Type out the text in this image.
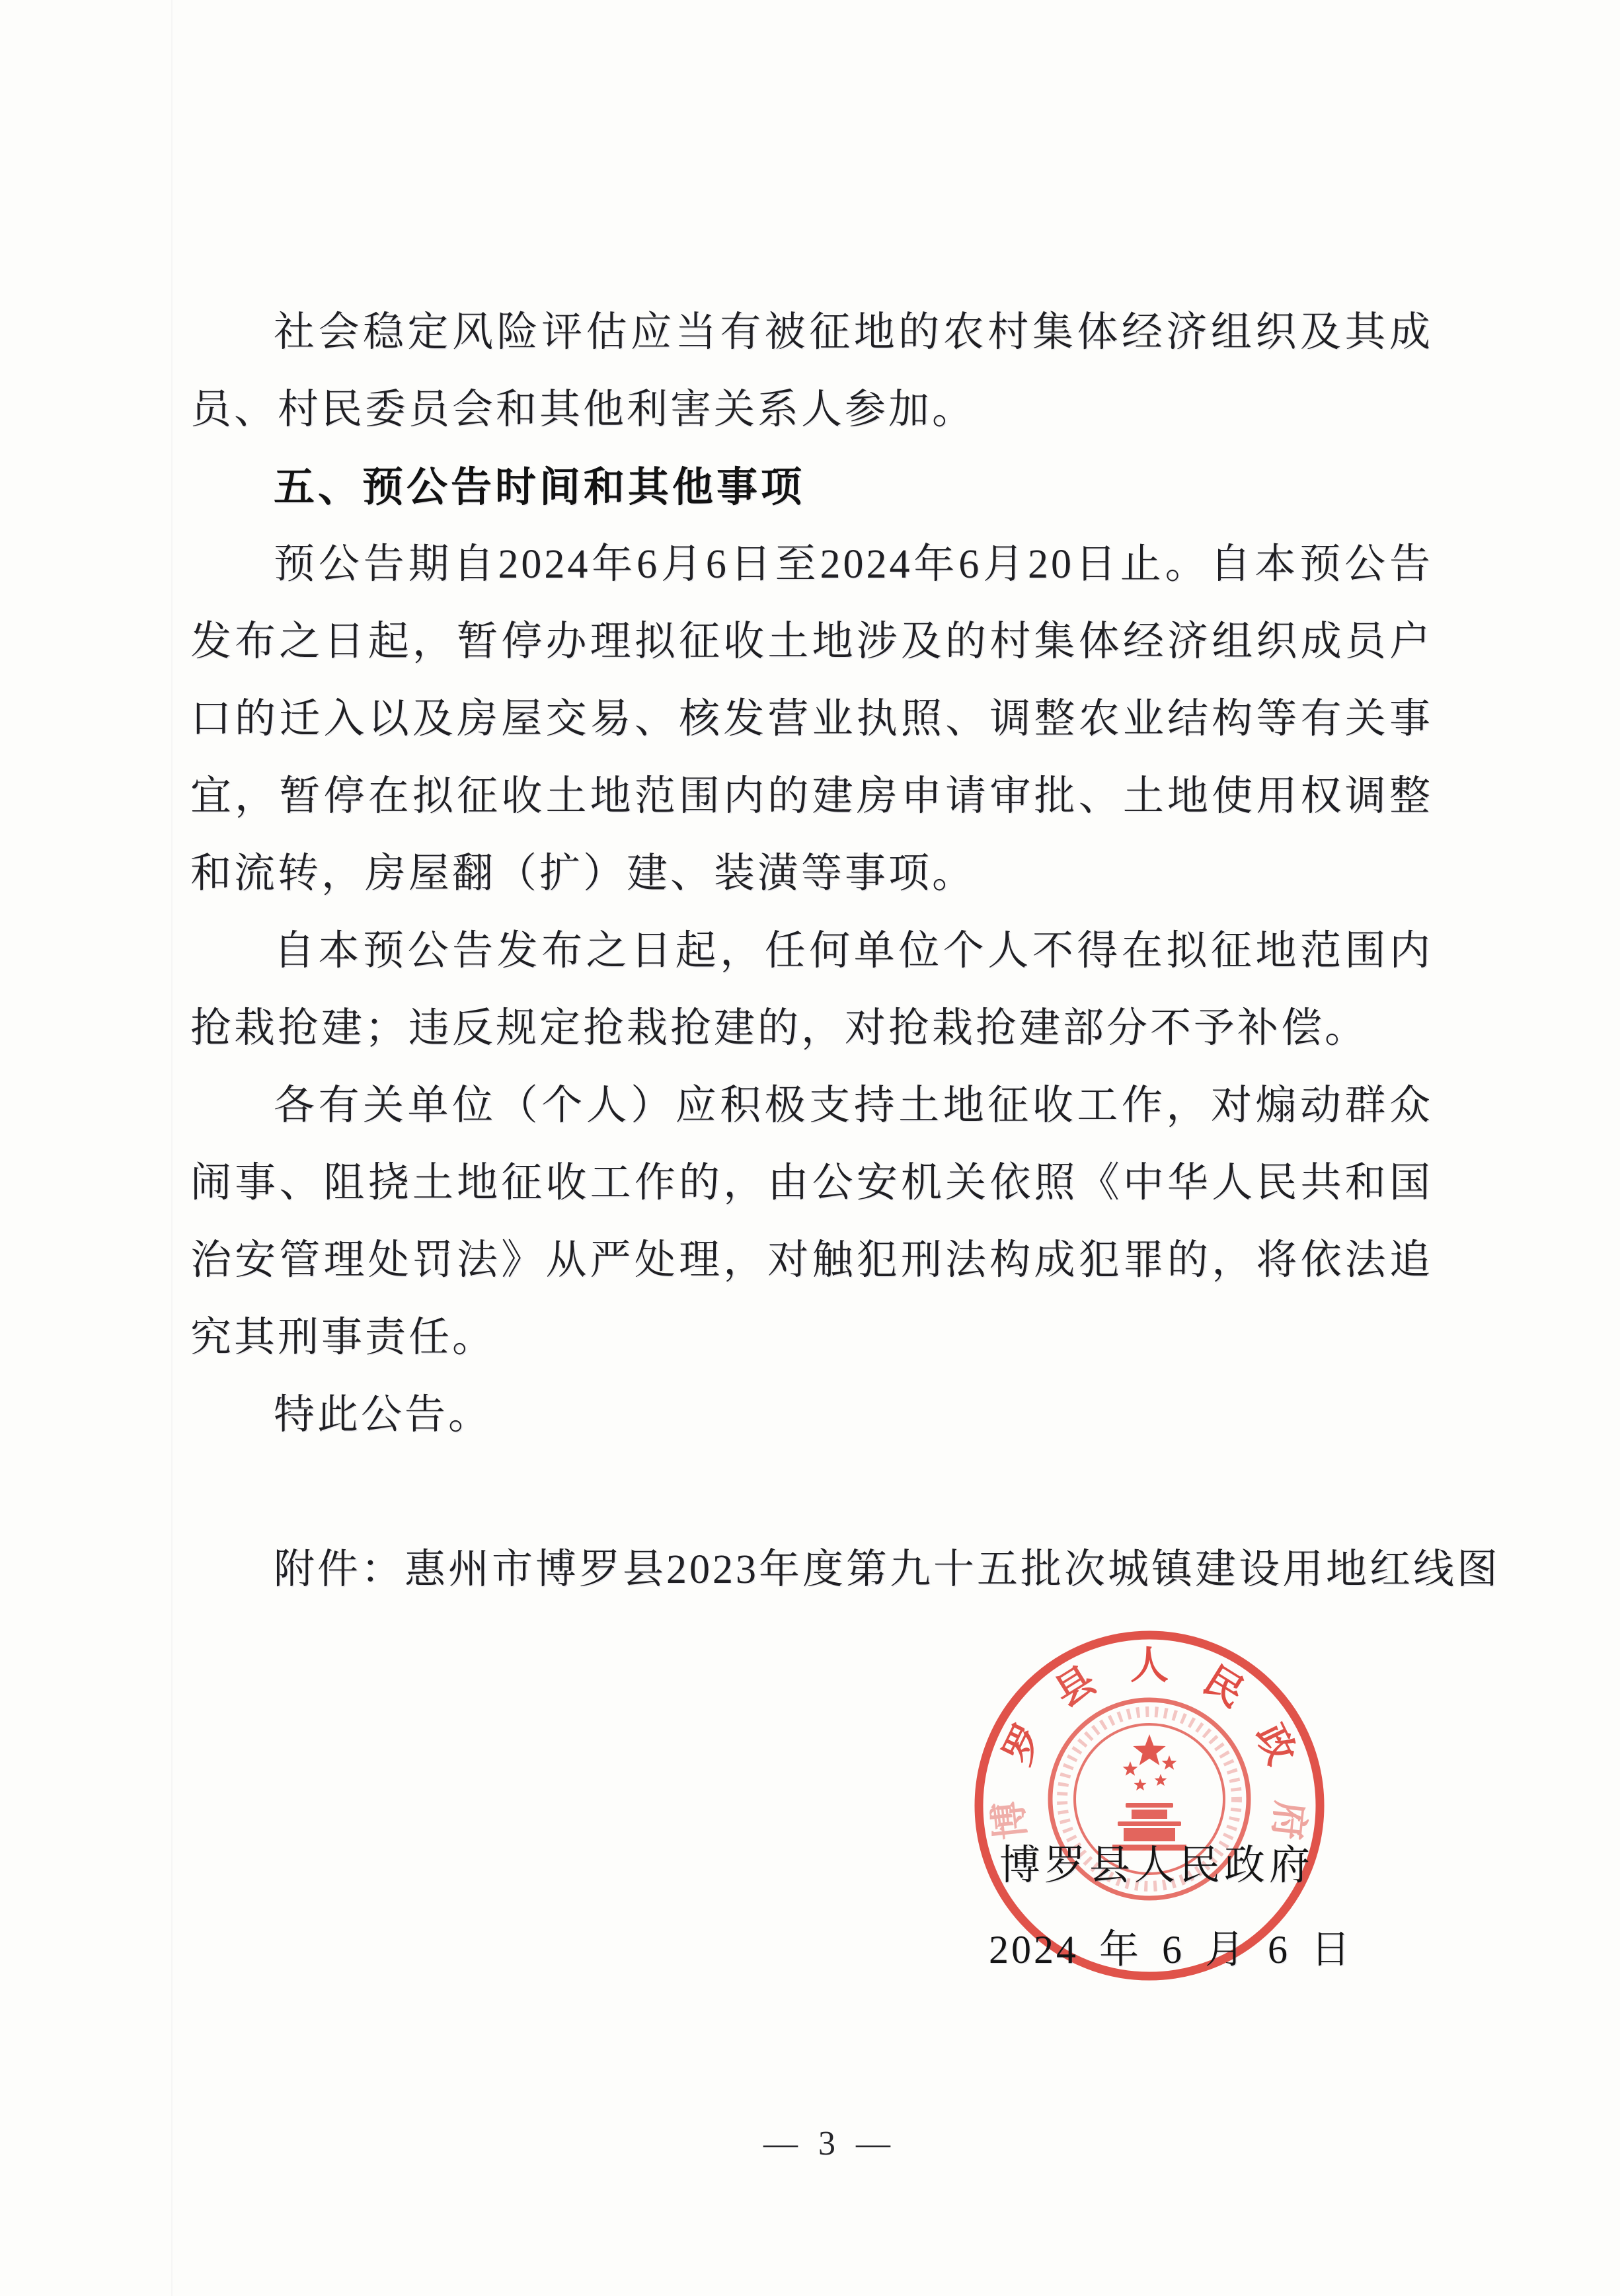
社会稳定风险评估应当有被征地的农村集体经济组织及其成
员、村民委员会和其他利害关系人参加。
五、预公告时间和其他事项
预公告期自2024年6月6日至2024年6月20日止。自本预公告
发布之日起，暂停办理拟征收土地涉及的村集体经济组织成员户
口的迁入以及房屋交易、核发营业执照、调整农业结构等有关事
宜，暂停在拟征收土地范围内的建房申请审批、土地使用权调整
和流转，房屋翻（扩）建、装潢等事项。
自本预公告发布之日起，任何单位个人不得在拟征地范围内
抢栽抢建；违反规定抢栽抢建的，对抢栽抢建部分不予补偿。
各有关单位（个人）应积极支持土地征收工作，对煽动群众
闹事、阻挠土地征收工作的，由公安机关依照《中华人民共和国
治安管理处罚法》从严处理，对触犯刑法构成犯罪的，将依法追
究其刑事责任。
特此公告。
附件：惠州市博罗县2023年度第九十五批次城镇建设用地红线图
博
罗
县 人 民
政
府
博罗县人民政府
2024 年 6 月 6 日
— 3 —
